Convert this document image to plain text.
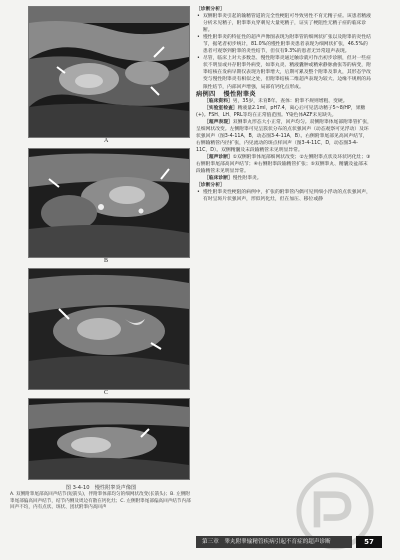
A
B
C
图 3-4-10　慢性附睾炎声像图
A. 双侧附睾尾部高回声结节(短箭头)，伴附睾体部均匀的细网状改变(长箭头)；B. 左侧附睾尾部偏高回声结节，结节内侧及周边有散在钙化灶；C. 左侧附睾尾部偏高回声结节内部回声不均，内有点状、斑状、团状附睾内高回声

［诊断分析］

• 双侧附睾炎引起的输精管道的完全性梗阻可导致男性不育无精子症。该患者精液分析未见精子，附睾睾丸穿刺见大量死精子，证实了梗阻性无精子症的临床诊断。

• 慢性附睾炎的特征性的超声声像图表现为附睾管的细网状扩张以及附睾的炎性结节，据笔者初步统计，81.0%的慢性附睾炎患者表现为细网状扩张，46.5%的患者可观察到附睾的炎性结节，但仅有9.3%的患者无异常超声表现。

• 尽管，临床上对大多数急、慢性附睾炎通过触诊就可作出初步诊断，但对一些症状不明显或并存附睾外病变，如睾丸炎、精液囊肿或精索静脉曲张等的病变，附睾结核在发病早期仅表现为附睾增大，后期可累及整个附睾及睾丸，其形态学改变与慢性附睾炎有相似之处，但附睾结核二维超声表现为较大、边缘不规则的局限性结节，内部回声增强，局部有钙化点形成。

病例四 慢性附睾炎

［临床资料］男，35岁，未育8年。查体：附睾不规则增粗、变硬。

［实验室检查］精液量2.1ml，pH7.4，离心后可见活动精子5~8/HP，果糖(+)。FSH、LH、PRL等均在正常值范围。Y染色体AZF未见缺失。

［超声表现］双侧睾丸形态大小正常，回声均匀。双侧附睾体尾部附睾管扩张，呈细网状改变。左侧附睾可见呈簇状分布的点状强回声（动态观察可见浮动）及环状强回声（图3-4-11A，B，动态图3-4-11A，B）。右侧附睾尾部见高回声结节，右侧输精管内径扩张，内见流动的斑点样回声（图3-4-11C，D，动态图3-4-11C，D）。双侧精囊及末段输精管未见明显异常。

［超声诊断］①双侧附睾体尾部细网状改变；②左侧附睾点状及环状钙化灶；③右侧附睾尾部高回声结节；④右侧附睾段输精管扩张；⑤双侧睾丸、精囊及盆部末段输精管未见明显异常。

［临床诊断］慢性附睾炎。

［诊断分析］

• 慢性附睾炎性梗阻的病例中，扩张的附睾管内偶可见到细小浮动的点状强回声，有时呈斑片状强回声，形似钙化灶，但在加压、移位或静

第三章　睾丸附睾输精管疾病引起不育症的超声诊断	57
